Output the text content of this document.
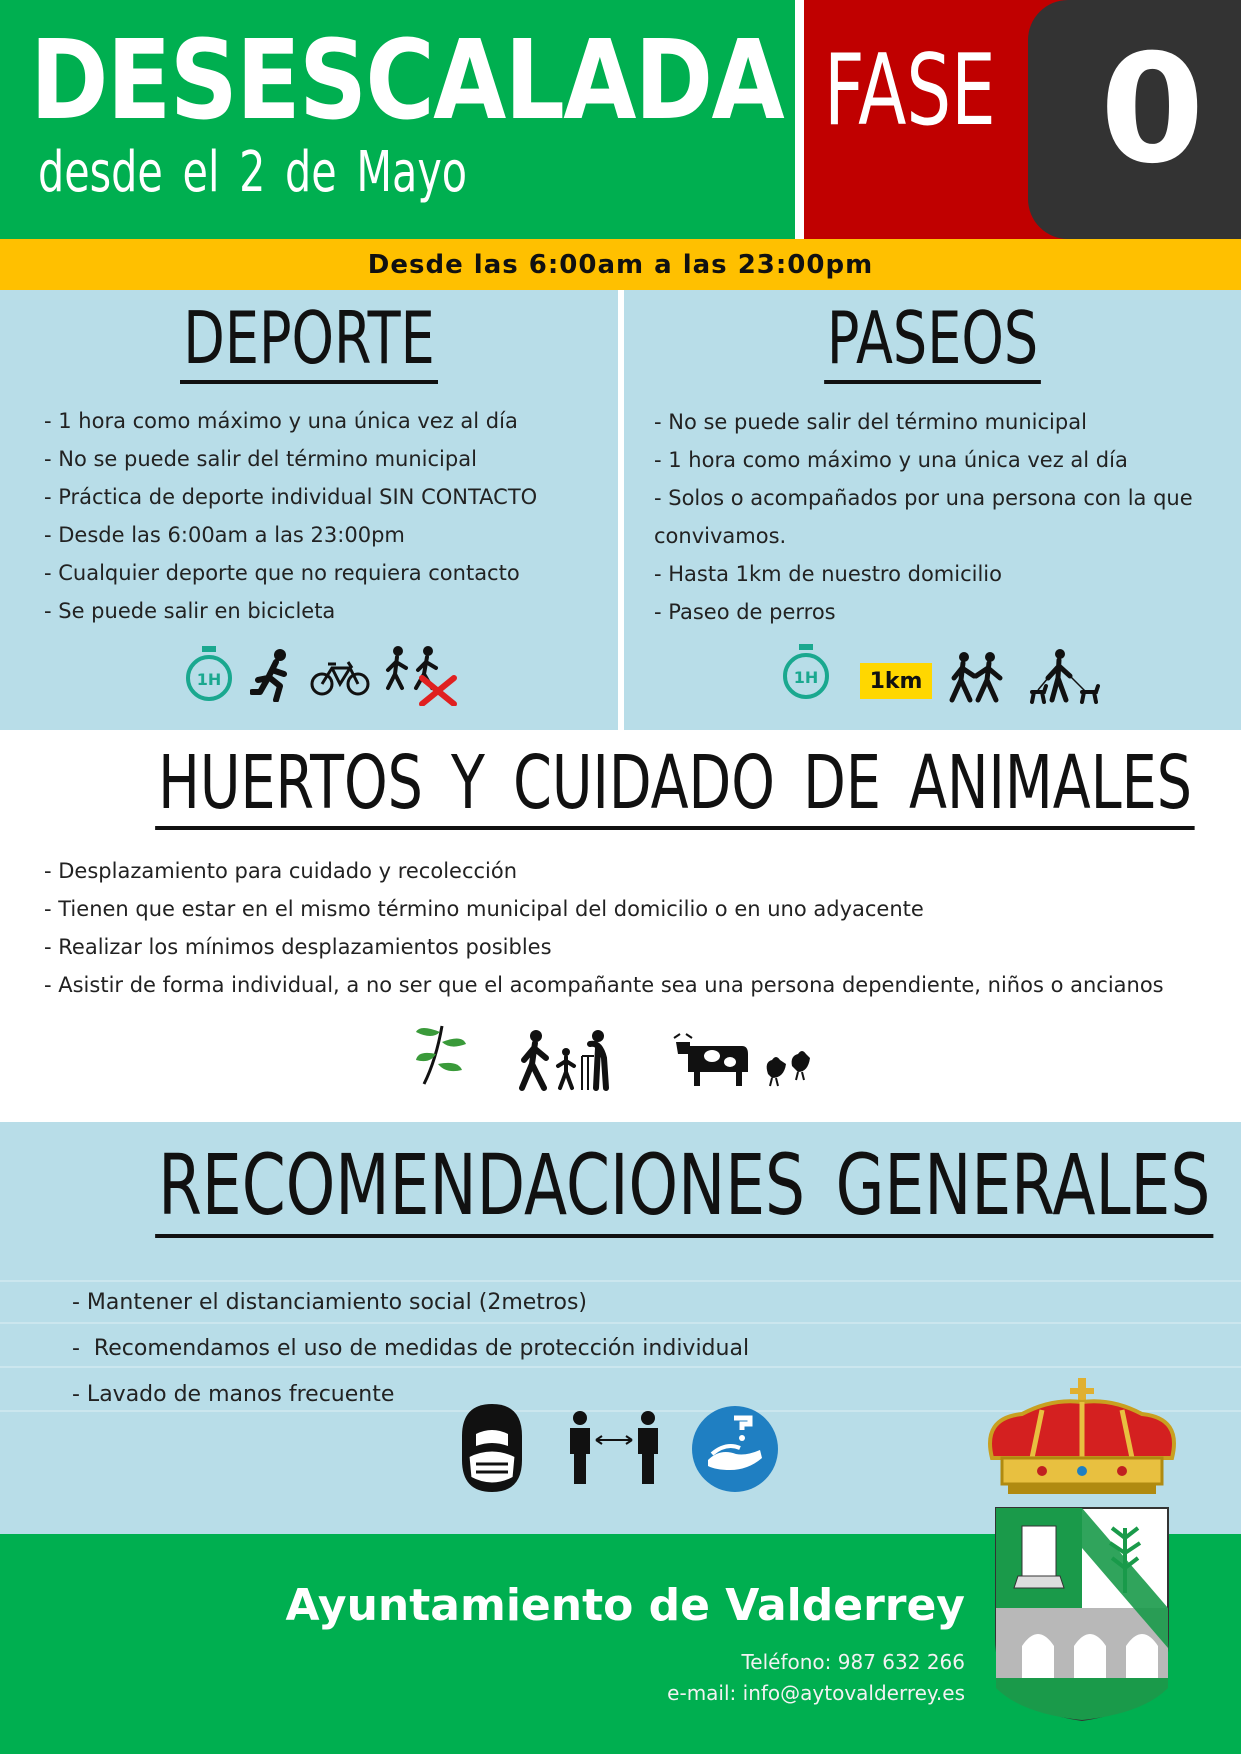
DESESCALADA
desde el 2 de Mayo
FASE
Desde las 6:00am a las 23:00pm
DEPORTE	PASEOS
- 1 hora como máximo y una única vez al día
- No se puede salir del término municipal
- Práctica de deporte individual SIN CONTACTO
- Desde las 6:00am a las 23:00pm
- Cualquier deporte que no requiera contacto
- Se puede salir en bicicleta
- No se puede salir del término municipal
- 1 hora como máximo y una única vez al día
- Solos o acompañados por una persona con la que convivamos.
- Hasta 1km de nuestro domicilio
- Paseo de perros
1H	1H	1km
HUERTOS Y CUIDADO DE ANIMALES
- Desplazamiento para cuidado y recolección
- Tienen que estar en el mismo término municipal del domicilio o en uno adyacente
- Realizar los mínimos desplazamientos posibles
- Asistir de forma individual, a no ser que el acompañante sea una persona dependiente, niños o ancianos
RECOMENDACIONES GENERALES
- Mantener el distanciamiento social (2metros)
-  Recomendamos el uso de medidas de protección individual
- Lavado de manos frecuente
Ayuntamiento de Valderrey
Teléfono: 987 632 266
e-mail: info@aytovalderrey.es
